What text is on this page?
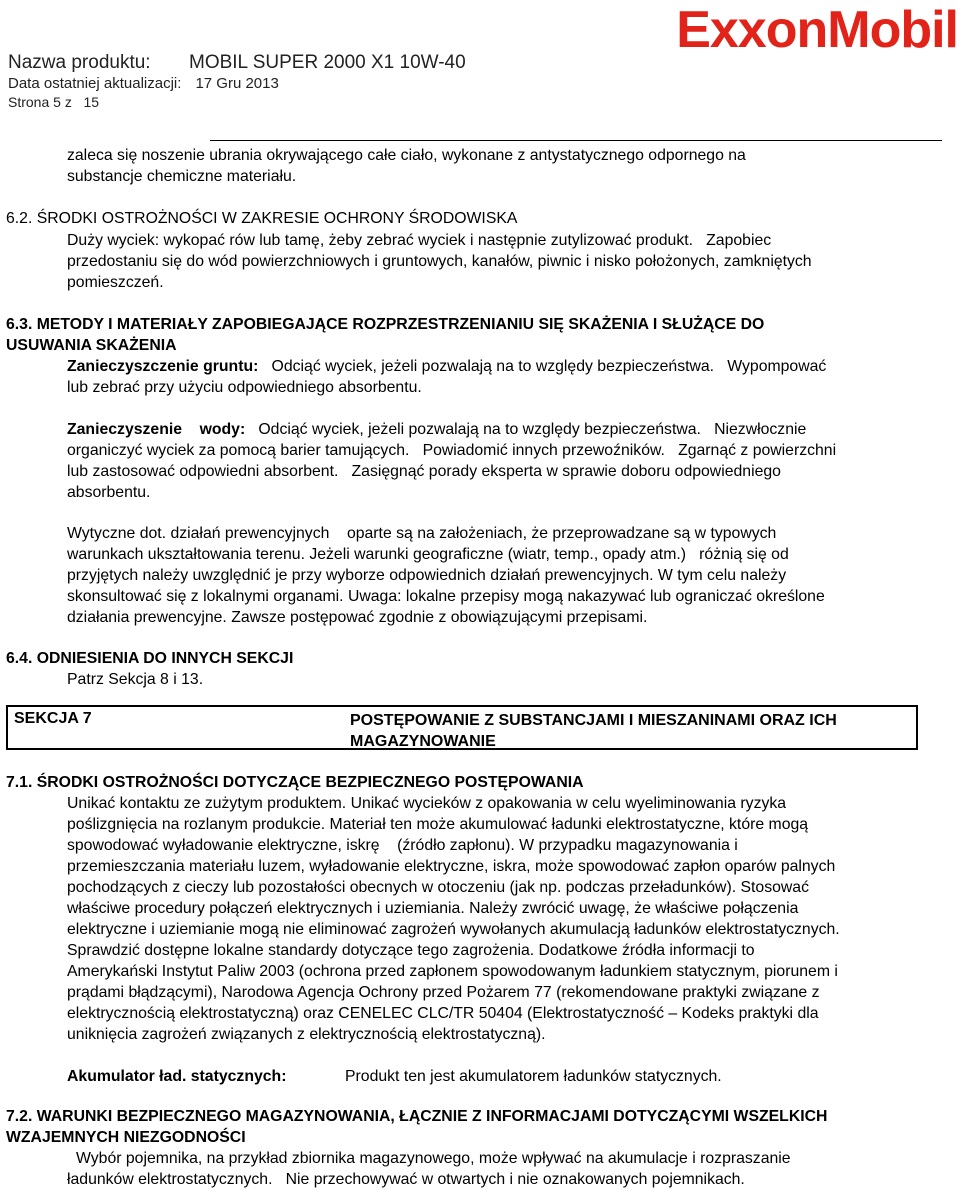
Nazwa produktu: MOBIL SUPER 2000 X1 10W-40
Data ostatniej aktualizacji: 17 Gru 2013
Strona 5 z   15
ExxonMobil
zaleca się noszenie ubrania okrywającego całe ciało, wykonane z antystatycznego odpornego na
substancje chemiczne materiału.
6.2. ŚRODKI OSTROŻNOŚCI W ZAKRESIE OCHRONY ŚRODOWISKA
Duży wyciek: wykopać rów lub tamę, żeby zebrać wyciek i następnie zutylizować produkt.   Zapobiec
przedostaniu się do wód powierzchniowych i gruntowych, kanałów, piwnic i nisko położonych, zamkniętych
pomieszczeń.
6.3. METODY I MATERIAŁY ZAPOBIEGAJĄCE ROZPRZESTRZENIANIU SIĘ SKAŻENIA I SŁUŻĄCE DO
USUWANIA SKAŻENIA
Zanieczyszczenie gruntu: Odciąć wyciek, jeżeli pozwalają na to względy bezpieczeństwa.   Wypompować
lub zebrać przy użyciu odpowiedniego absorbentu.
Zanieczyszenie    wody: Odciąć wyciek, jeżeli pozwalają na to względy bezpieczeństwa.   Niezwłocznie
organiczyć wyciek za pomocą barier tamujących.   Powiadomić innych przewoźników.   Zgarnąć z powierzchni
lub zastosować odpowiedni absorbent.   Zasięgnąć porady eksperta w sprawie doboru odpowiedniego
absorbentu.
Wytyczne dot. działań prewencyjnych    oparte są na założeniach, że przeprowadzane są w typowych
warunkach ukształtowania terenu. Jeżeli warunki geograficzne (wiatr, temp., opady atm.)   różnią się od
przyjętych należy uwzględnić je przy wyborze odpowiednich działań prewencyjnych. W tym celu należy
skonsultować się z lokalnymi organami. Uwaga: lokalne przepisy mogą nakazywać lub ograniczać określone
działania prewencyjne. Zawsze postępować zgodnie z obowiązującymi przepisami.
6.4. ODNIESIENIA DO INNYCH SEKCJI
Patrz Sekcja 8 i 13.
SEKCJA 7	POSTĘPOWANIE Z SUBSTANCJAMI I MIESZANINAMI ORAZ ICH
MAGAZYNOWANIE
7.1. ŚRODKI OSTROŻNOŚCI DOTYCZĄCE BEZPIECZNEGO POSTĘPOWANIA
Unikać kontaktu ze zużytym produktem. Unikać wycieków z opakowania w celu wyeliminowania ryzyka
poślizgnięcia na rozlanym produkcie. Materiał ten może akumulować ładunki elektrostatyczne, które mogą
spowodować wyładowanie elektryczne, iskrę    (źródło zapłonu). W przypadku magazynowania i
przemieszczania materiału luzem, wyładowanie elektryczne, iskra, może spowodować zapłon oparów palnych
pochodzących z cieczy lub pozostałości obecnych w otoczeniu (jak np. podczas przeładunków). Stosować
właściwe procedury połączeń elektrycznych i uziemiania. Należy zwrócić uwagę, że właściwe połączenia
elektryczne i uziemianie mogą nie eliminować zagrożeń wywołanych akumulacją ładunków elektrostatycznych.
Sprawdzić dostępne lokalne standardy dotyczące tego zagrożenia. Dodatkowe źródła informacji to
Amerykański Instytut Paliw 2003 (ochrona przed zapłonem spowodowanym ładunkiem statycznym, piorunem i
prądami błądzącymi), Narodowa Agencja Ochrony przed Pożarem 77 (rekomendowane praktyki związane z
elektrycznością elektrostatyczną) oraz CENELEC CLC/TR 50404 (Elektrostatyczność – Kodeks praktyki dla
uniknięcia zagrożeń związanych z elektrycznością elektrostatyczną).
Akumulator ład. statycznych:	Produkt ten jest akumulatorem ładunków statycznych.
7.2. WARUNKI BEZPIECZNEGO MAGAZYNOWANIA, ŁĄCZNIE Z INFORMACJAMI DOTYCZĄCYMI WSZELKICH
WZAJEMNYCH NIEZGODNOŚCI
Wybór pojemnika, na przykład zbiornika magazynowego, może wpływać na akumulacje i rozpraszanie
ładunków elektrostatycznych.   Nie przechowywać w otwartych i nie oznakowanych pojemnikach.
